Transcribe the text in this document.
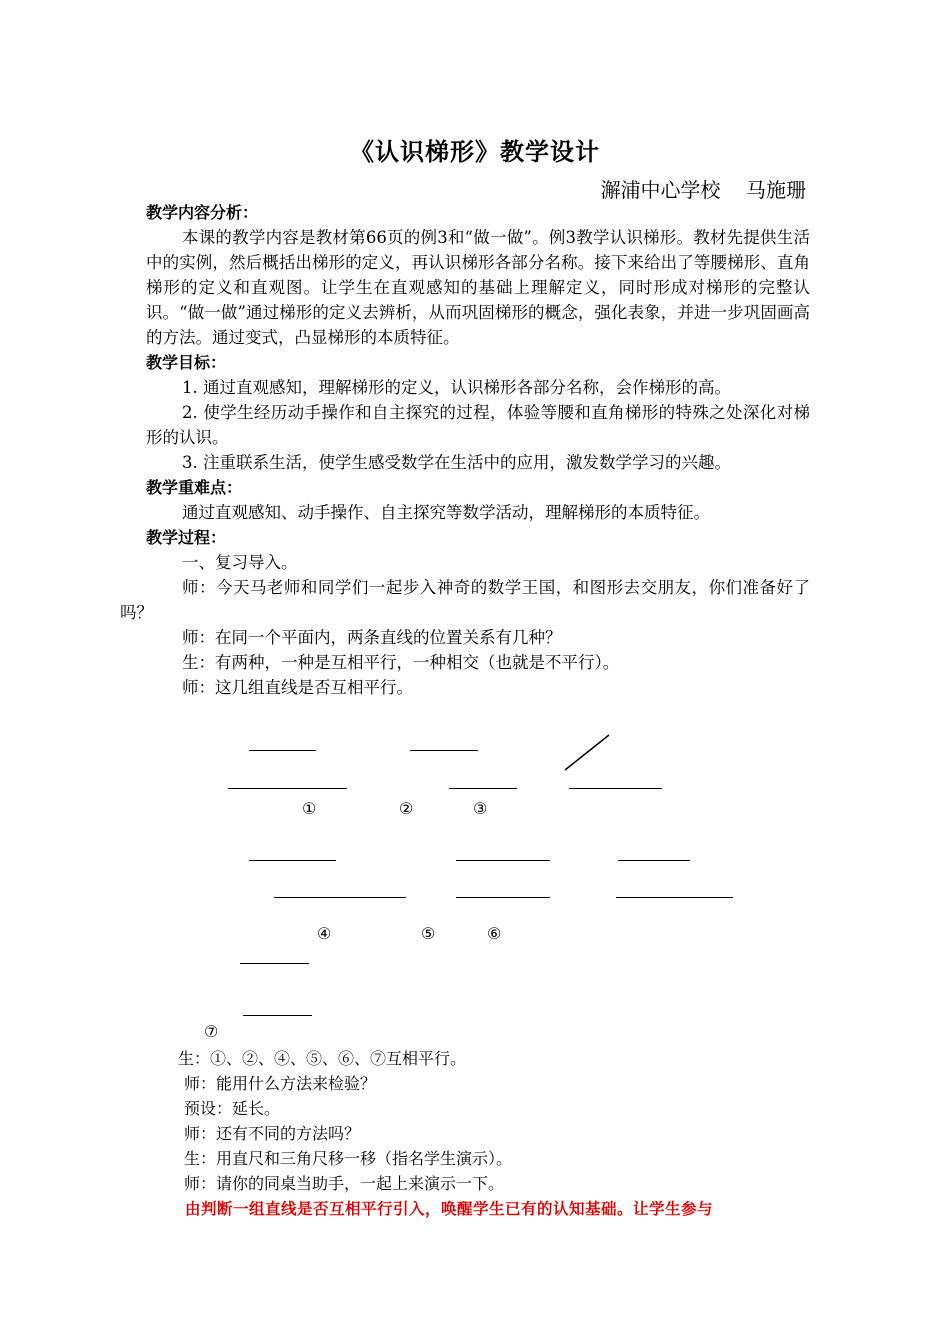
《认识梯形》教学设计
澥浦中心学校    马施珊
教学内容分析：
本课的教学内容是教材第66页的例3和“做一做”。例3教学认识梯形。教材先提供生活中的实例，然后概括出梯形的定义，再认识梯形各部分名称。接下来给出了等腰梯形、直角梯形的定义和直观图。让学生在直观感知的基础上理解定义，同时形成对梯形的完整认识。“做一做”通过梯形的定义去辨析，从而巩固梯形的概念，强化表象，并进一步巩固画高的方法。通过变式，凸显梯形的本质特征。
教学目标：
1. 通过直观感知，理解梯形的定义，认识梯形各部分名称，会作梯形的高。
2. 使学生经历动手操作和自主探究的过程，体验等腰和直角梯形的特殊之处深化对梯形的认识。
3. 注重联系生活，使学生感受数学在生活中的应用，激发数学学习的兴趣。
教学重难点：
通过直观感知、动手操作、自主探究等数学活动，理解梯形的本质特征。
教学过程：
一、复习导入。
师：今天马老师和同学们一起步入神奇的数学王国，和图形去交朋友，你们准备好了吗？
师：在同一个平面内，两条直线的位置关系有几种？
生：有两种，一种是互相平行，一种相交（也就是不平行）。
师：这几组直线是否互相平行。
①	②	③
④	⑤	⑥
⑦
生：①、②、④、⑤、⑥、⑦互相平行。
师：能用什么方法来检验？
预设：延长。
师：还有不同的方法吗？
生：用直尺和三角尺移一移（指名学生演示）。
师：请你的同桌当助手，一起上来演示一下。
由判断一组直线是否互相平行引入，唤醒学生已有的认知基础。让学生参与
